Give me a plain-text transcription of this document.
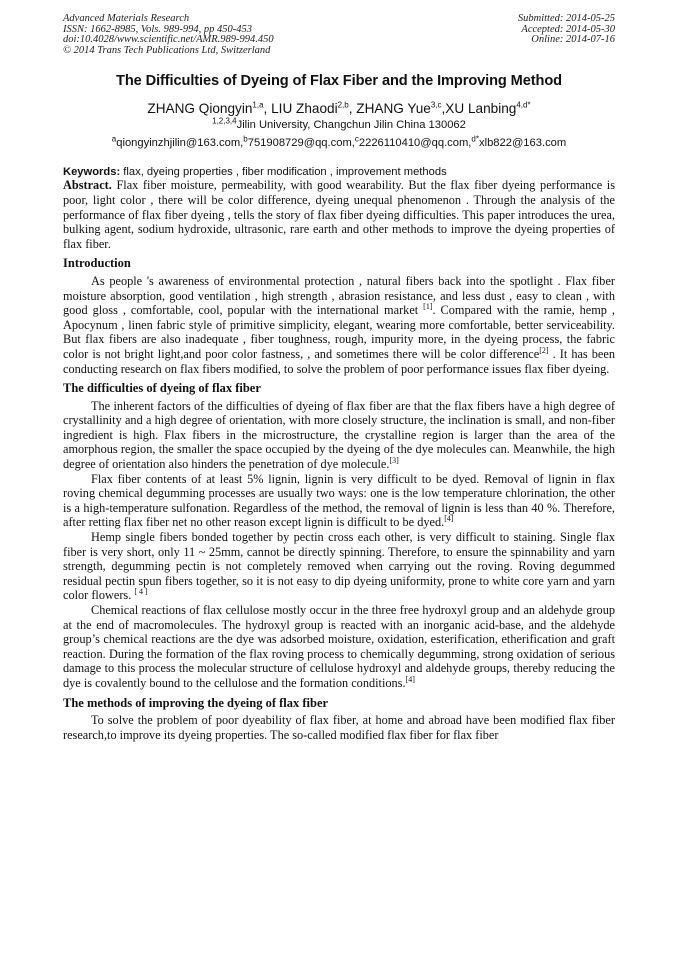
Advanced Materials Research
ISSN: 1662-8985, Vols. 989-994, pp 450-453
doi:10.4028/www.scientific.net/AMR.989-994.450
© 2014 Trans Tech Publications Ltd, Switzerland
Submitted: 2014-05-25
Accepted: 2014-05-30
Online: 2014-07-16
The Difficulties of Dyeing of Flax Fiber and the Improving Method
ZHANG Qiongyin$^{1,a}$, LIU Zhaodi$^{2,b}$, ZHANG Yue$^{3,c}$,XU Lanbing$^{4,d*}$
$^{1,2,3,4}$Jilin University, Changchun Jilin China 130062
$^a$qiongyinzhjilin@163.com,$^b$751908729@qq.com,$^c$2226110410@qq.com,$^{d*}$xlb822@163.com
Keywords: flax, dyeing properties , fiber modification , improvement methods

Abstract. Flax fiber moisture, permeability, with good wearability. But the flax fiber dyeing performance is poor, light color , there will be color difference, dyeing unequal phenomenon . Through the analysis of the performance of flax fiber dyeing , tells the story of flax fiber dyeing difficulties. This paper introduces the urea, bulking agent, sodium hydroxide, ultrasonic, rare earth and other methods to improve the dyeing properties of flax fiber.

Introduction

As people 's awareness of environmental protection , natural fibers back into the spotlight . Flax fiber moisture absorption, good ventilation , high strength , abrasion resistance, and less dust , easy to clean , with good gloss , comfortable, cool, popular with the international market [1]. Compared with the ramie, hemp , Apocynum , linen fabric style of primitive simplicity, elegant, wearing more comfortable, better serviceability. But flax fibers are also inadequate , fiber toughness, rough, impurity more, in the dyeing process, the fabric color is not bright light,and poor color fastness, , and sometimes there will be color difference[2] . It has been conducting research on flax fibers modified, to solve the problem of poor performance issues flax fiber dyeing.

The difficulties of dyeing of flax fiber

The inherent factors of the difficulties of dyeing of flax fiber are that the flax fibers have a high degree of crystallinity and a high degree of orientation, with more closely structure, the inclination is small, and non-fiber ingredient is high. Flax fibers in the microstructure, the crystalline region is larger than the area of the amorphous region, the smaller the space occupied by the dyeing of the dye molecules can. Meanwhile, the high degree of orientation also hinders the penetration of dye molecule.[3]

Flax fiber contents of at least 5% lignin, lignin is very difficult to be dyed. Removal of lignin in flax roving chemical degumming processes are usually two ways: one is the low temperature chlorination, the other is a high-temperature sulfonation. Regardless of the method, the removal of lignin is less than 40 %. Therefore, after retting flax fiber net no other reason except lignin is difficult to be dyed.[4]

Hemp single fibers bonded together by pectin cross each other, is very difficult to staining. Single flax fiber is very short, only 11 ~ 25mm, cannot be directly spinning. Therefore, to ensure the spinnability and yarn strength, degumming pectin is not completely removed when carrying out the roving. Roving degummed residual pectin spun fibers together, so it is not easy to dip dyeing uniformity, prone to white core yarn and yarn color flowers. [ 4 ]

Chemical reactions of flax cellulose mostly occur in the three free hydroxyl group and an aldehyde group at the end of macromolecules. The hydroxyl group is reacted with an inorganic acid-base, and the aldehyde group’s chemical reactions are the dye was adsorbed moisture, oxidation, esterification, etherification and graft reaction. During the formation of the flax roving process to chemically degumming, strong oxidation of serious damage to this process the molecular structure of cellulose hydroxyl and aldehyde groups, thereby reducing the dye is covalently bound to the cellulose and the formation conditions.[4]

The methods of improving the dyeing of flax fiber

To solve the problem of poor dyeability of flax fiber, at home and abroad have been modified flax fiber research,to improve its dyeing properties. The so-called modified flax fiber for flax fiber
